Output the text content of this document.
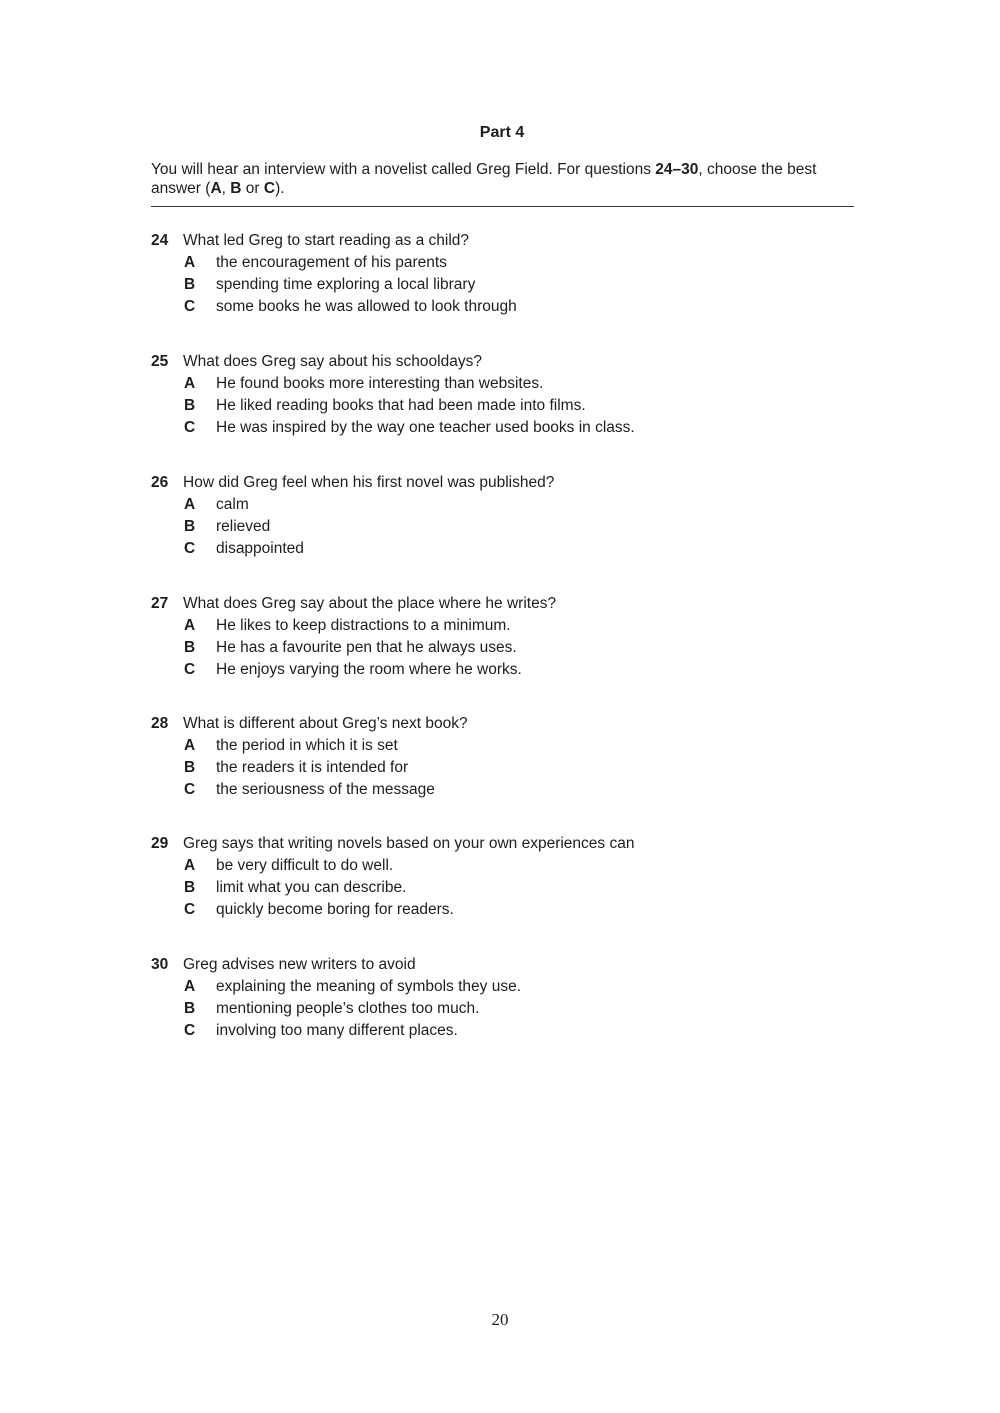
Part 4
You will hear an interview with a novelist called Greg Field. For questions 24–30, choose the best answer (A, B or C).
24 What led Greg to start reading as a child?
A the encouragement of his parents
B spending time exploring a local library
C some books he was allowed to look through
25 What does Greg say about his schooldays?
A He found books more interesting than websites.
B He liked reading books that had been made into films.
C He was inspired by the way one teacher used books in class.
26 How did Greg feel when his first novel was published?
A calm
B relieved
C disappointed
27 What does Greg say about the place where he writes?
A He likes to keep distractions to a minimum.
B He has a favourite pen that he always uses.
C He enjoys varying the room where he works.
28 What is different about Greg’s next book?
A the period in which it is set
B the readers it is intended for
C the seriousness of the message
29 Greg says that writing novels based on your own experiences can
A be very difficult to do well.
B limit what you can describe.
C quickly become boring for readers.
30 Greg advises new writers to avoid
A explaining the meaning of symbols they use.
B mentioning people’s clothes too much.
C involving too many different places.
20
